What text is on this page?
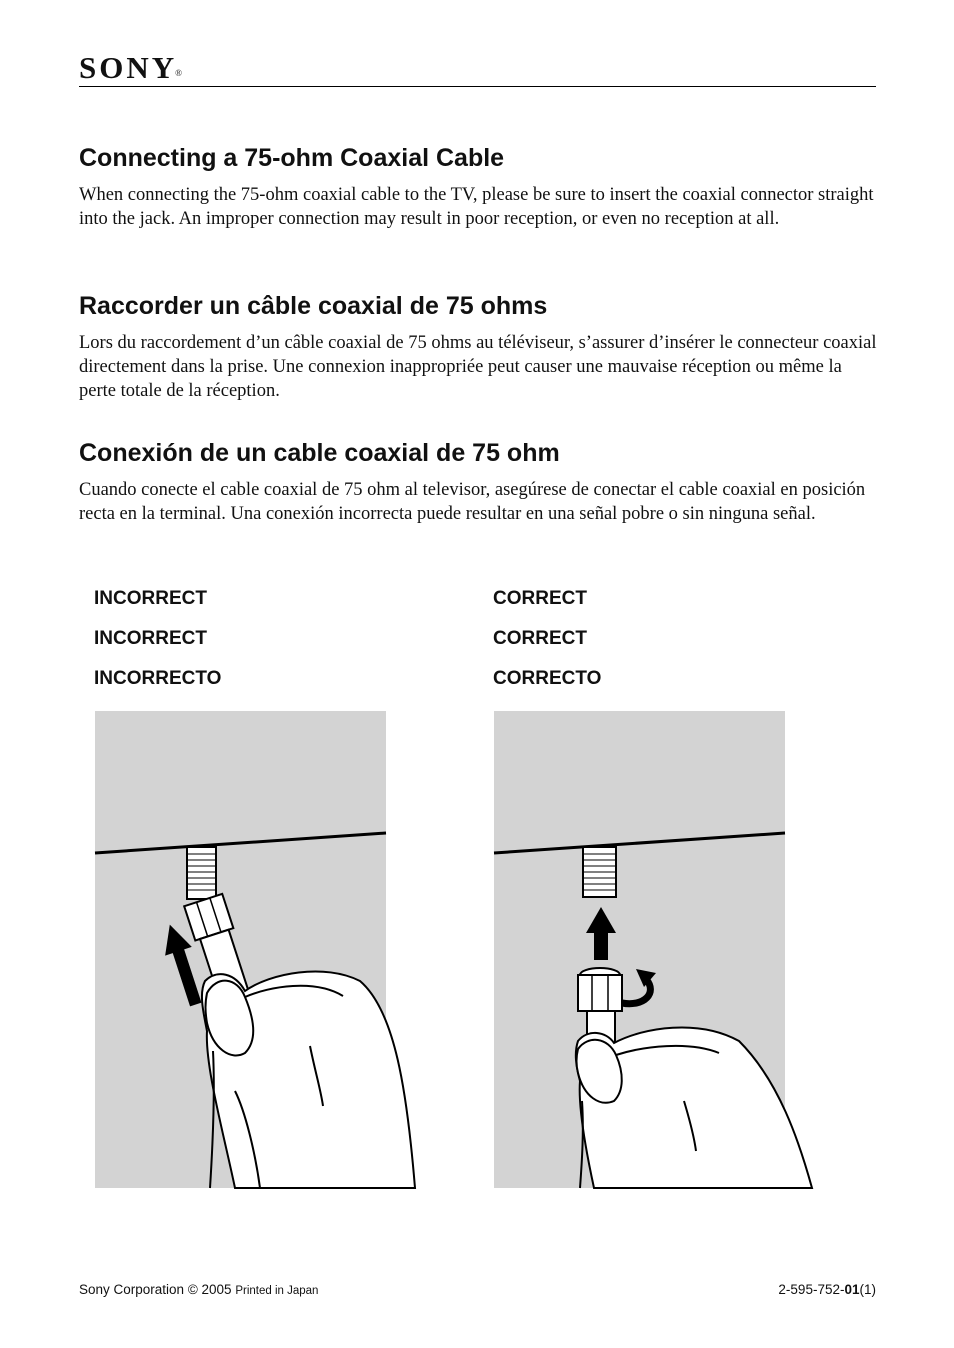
SONY®
Connecting a 75-ohm Coaxial Cable

When connecting the 75-ohm coaxial cable to the TV, please be sure to insert the coaxial connector straight into the jack. An improper connection may result in poor reception, or even no reception at all.

Raccorder un câble coaxial de 75 ohms

Lors du raccordement d’un câble coaxial de 75 ohms au téléviseur, s’assurer d’insérer le connecteur coaxial directement dans la prise. Une connexion inappropriée peut causer une mauvaise réception ou même la perte totale de la réception.

Conexión de un cable coaxial de 75 ohm

Cuando conecte el cable coaxial de 75 ohm al televisor, asegúrese de conectar el cable coaxial en posición recta en la terminal. Una conexión incorrecta puede resultar en una señal pobre o sin ninguna señal.

INCORRECT
INCORRECT
INCORRECTO
CORRECT
CORRECT
CORRECTO
Sony Corporation © 2005 Printed in Japan	2-595-752-01(1)
